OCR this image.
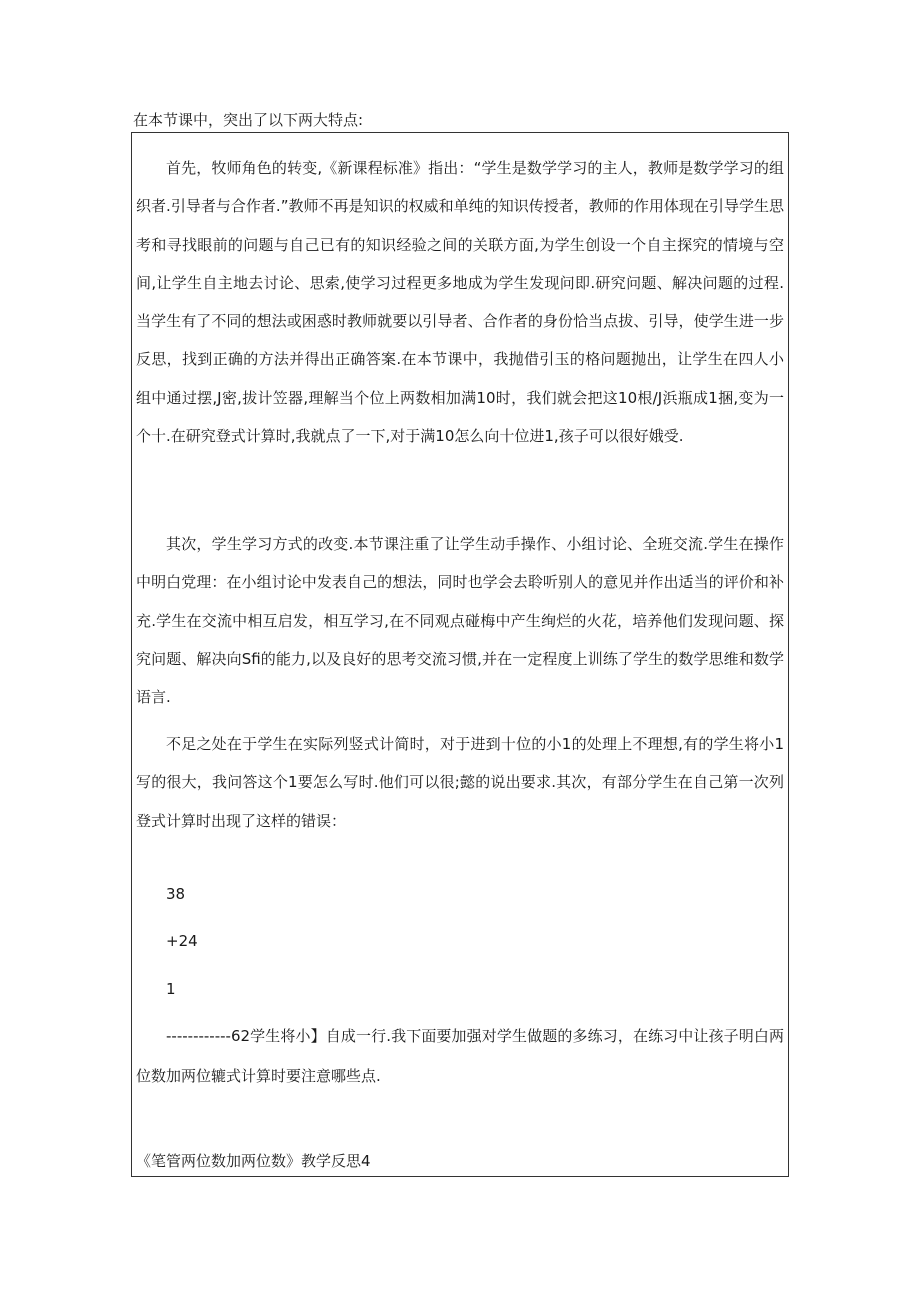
在本节课中，突出了以下两大特点:

首先，牧师角色的转变,《新课程标准》指出：“学生是数学学习的主人，教师是数学学习的组织者.引导者与合作者.”教师不再是知识的权威和单纯的知识传授者，教师的作用体现在引导学生思考和寻找眼前的问题与自己已有的知识经验之间的关联方面,为学生创设一个自主探究的情境与空间,让学生自主地去讨论、思索,使学习过程更多地成为学生发现问即.研究问题、解决问题的过程.当学生有了不同的想法或困惑时教师就要以引导者、合作者的身份恰当点拔、引导，使学生进一步反思，找到正确的方法并得出正确答案.在本节课中，我抛借引玉的格问题抛出，让学生在四人小组中通过摆,J密,拔计笠器,理解当个位上两数相加满10时，我们就会把这10根/J浜瓶成1捆,变为一个十.在研究登式计算时,我就点了一下,对于满10怎么向十位进1,孩子可以很好娥受.

其次，学生学习方式的改变.本节课注重了让学生动手操作、小组讨论、全班交流.学生在操作中明白党理：在小组讨论中发表自己的想法，同时也学会去聆听别人的意见并作出适当的评价和补充.学生在交流中相互启发，相互学习,在不同观点碰梅中产生绚烂的火花，培养他们发现问题、探究问题、解决向Sfi的能力,以及良好的思考交流习惯,并在一定程度上训练了学生的数学思维和数学语言.

不足之处在于学生在实际列竖式计简时，对于进到十位的小1的处理上不理想,有的学生将小1写的很大，我问答这个1要怎么写时.他们可以很;懿的说出要求.其次，有部分学生在自己第一次列登式计算时出现了这样的错误：

38
+24
1

------------62学生将小】自成一行.我下面要加强对学生做题的多练习，在练习中让孩子明白两位数加两位辘式计算时要注意哪些点.

《笔管两位数加两位数》教学反思4
